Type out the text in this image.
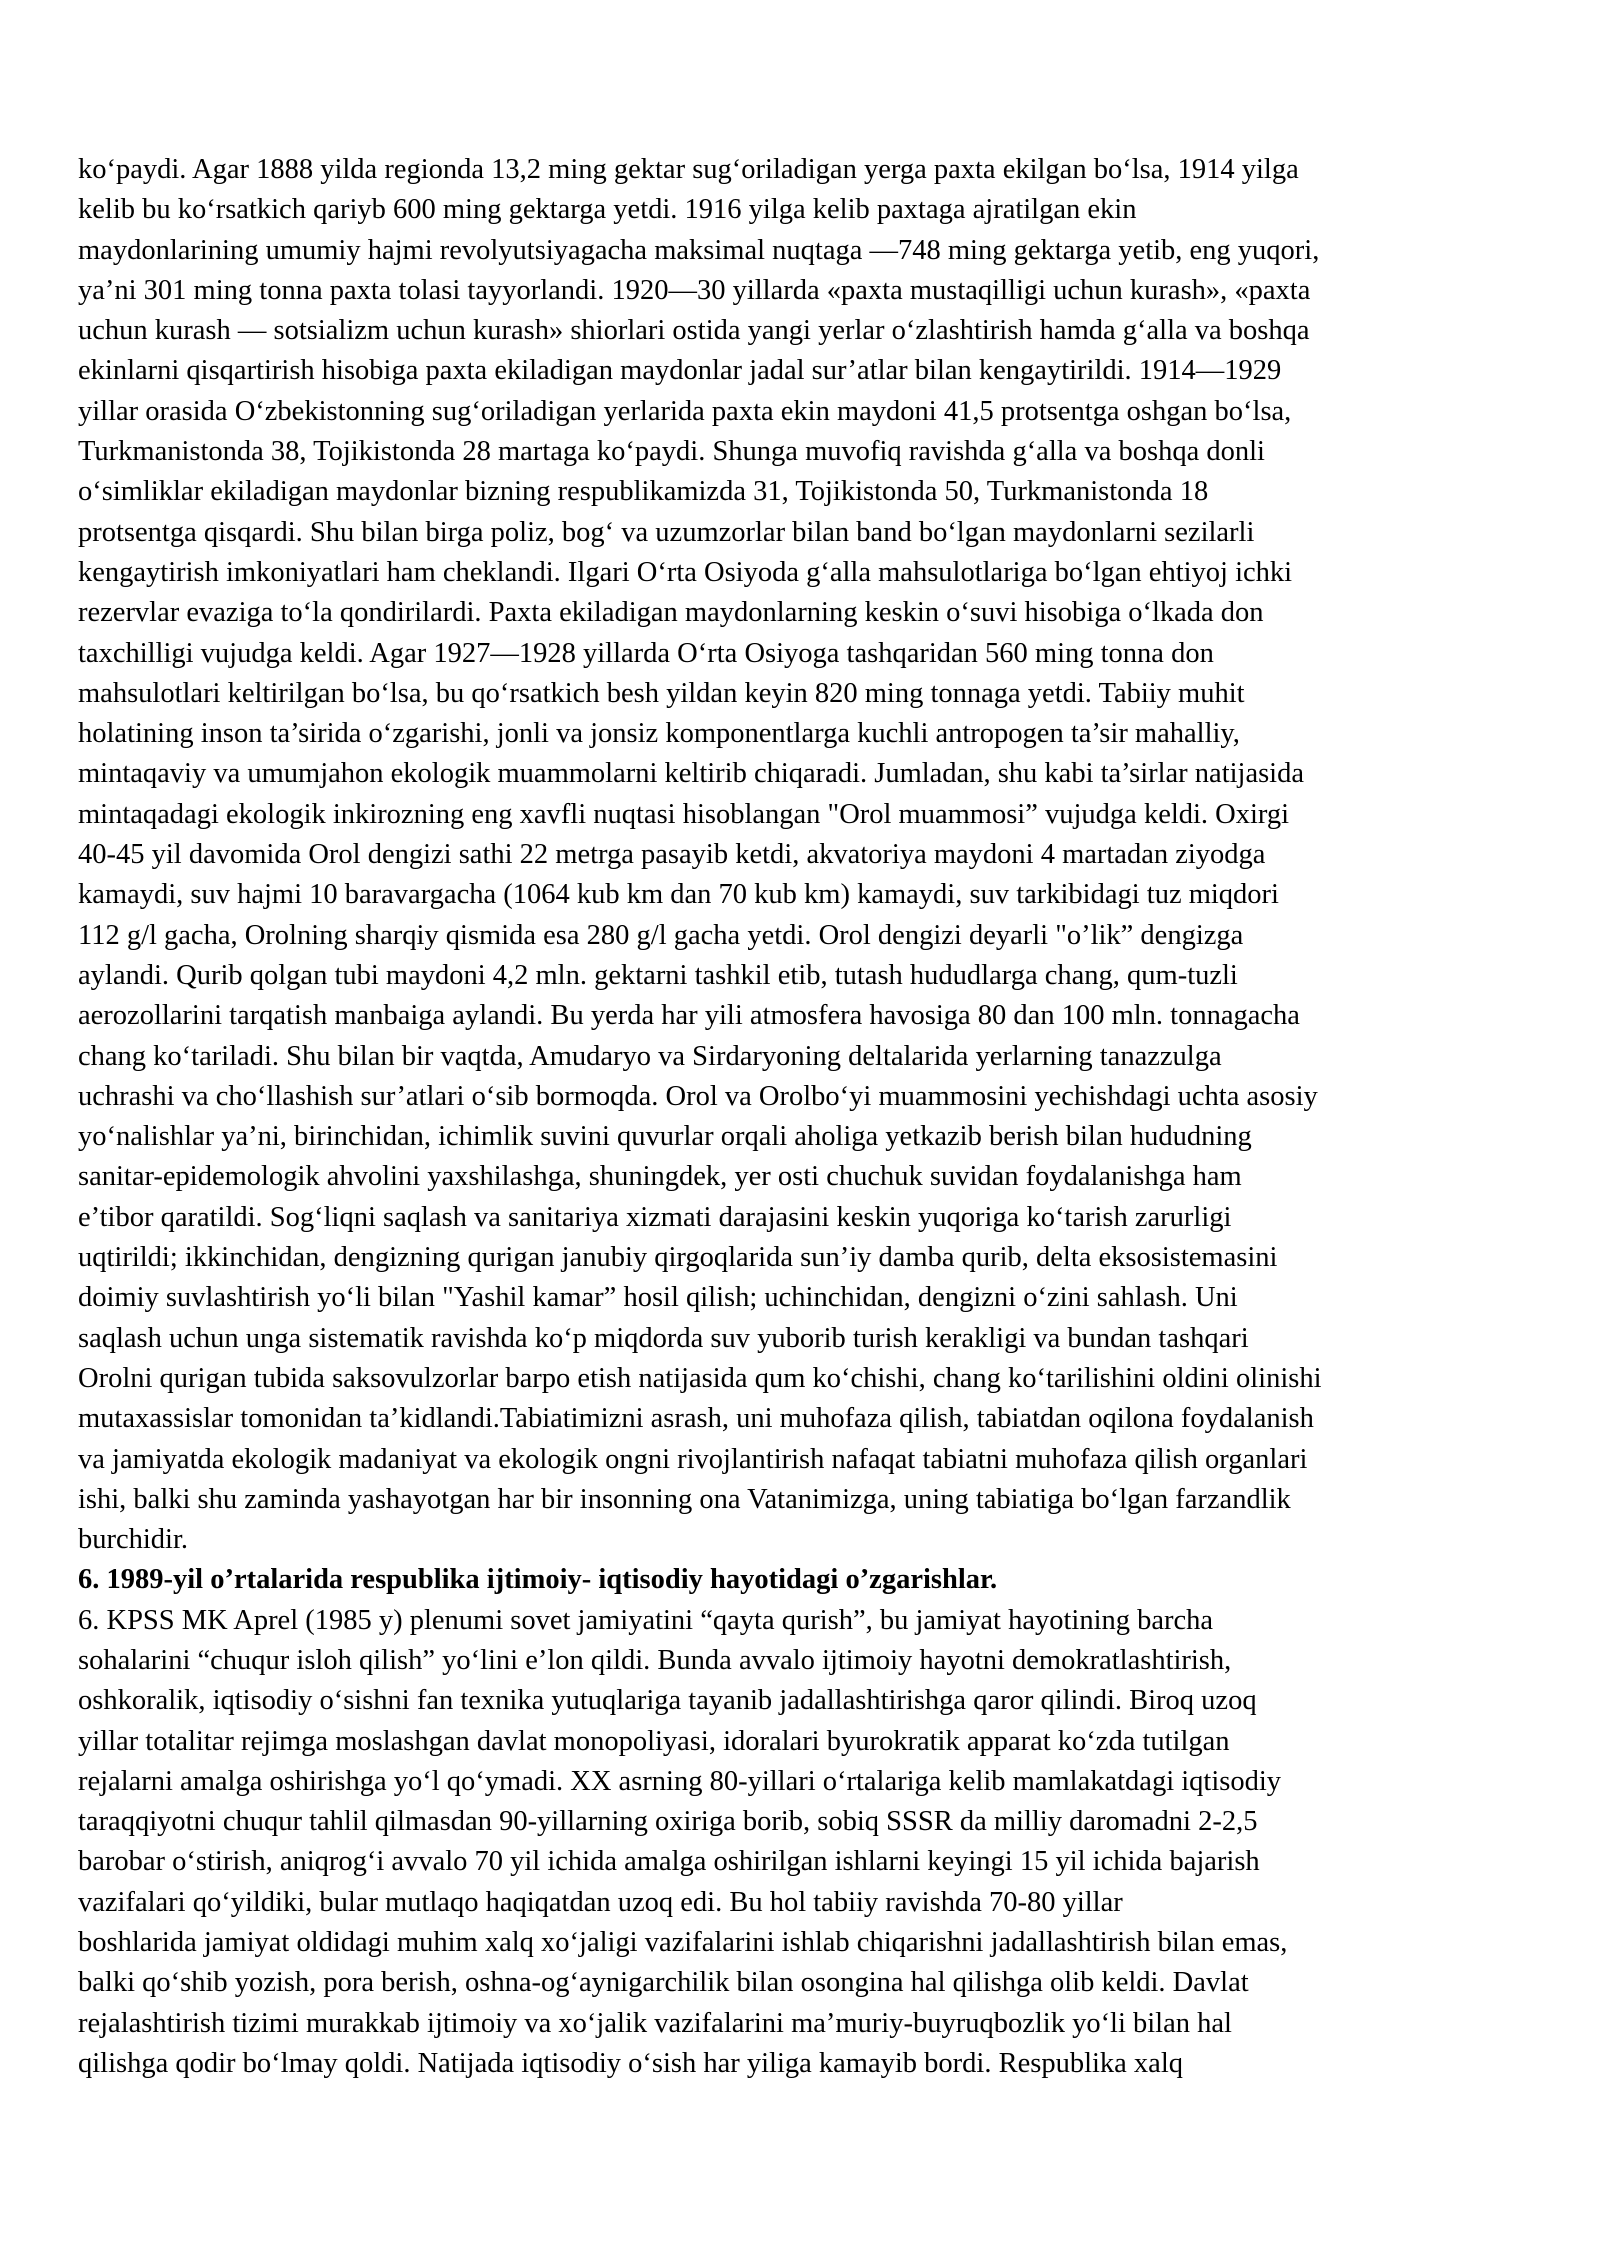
ko‘paydi. Agar 1888 yilda regionda 13,2 ming gektar sug‘oriladigan yerga paxta ekilgan bo‘lsa, 1914 yilga
kelib bu ko‘rsatkich qariyb 600 ming gektarga yetdi. 1916 yilga kelib paxtaga ajratilgan ekin
maydonlarining umumiy hajmi revolyutsiyagacha maksimal nuqtaga —748 ming gektarga yetib, eng yuqori,
ya’ni 301 ming tonna paxta tolasi tayyorlandi. 1920—30 yillarda «paxta mustaqilligi uchun kurash», «paxta
uchun kurash — sotsializm uchun kurash» shiorlari ostida yangi yerlar o‘zlashtirish hamda g‘alla va boshqa
ekinlarni qisqartirish hisobiga paxta ekiladigan maydonlar jadal sur’atlar bilan kengaytirildi. 1914—1929
yillar orasida O‘zbekistonning sug‘oriladigan yerlarida paxta ekin maydoni 41,5 protsentga oshgan bo‘lsa,
Turkmanistonda 38, Tojikistonda 28 martaga ko‘paydi. Shunga muvofiq ravishda g‘alla va boshqa donli
o‘simliklar ekiladigan maydonlar bizning respublikamizda 31, Tojikistonda 50, Turkmanistonda 18
protsentga qisqardi. Shu bilan birga poliz, bog‘ va uzumzorlar bilan band bo‘lgan maydonlarni sezilarli
kengaytirish imkoniyatlari ham cheklandi. Ilgari O‘rta Osiyoda g‘alla mahsulotlariga bo‘lgan ehtiyoj ichki
rezervlar evaziga to‘la qondirilardi. Paxta ekiladigan maydonlarning keskin o‘suvi hisobiga o‘lkada don
taxchilligi vujudga keldi. Agar 1927—1928 yillarda O‘rta Osiyoga tashqaridan 560 ming tonna don
mahsulotlari keltirilgan bo‘lsa, bu qo‘rsatkich besh yildan keyin 820 ming tonnaga yetdi. Tabiiy muhit
holatining inson ta’sirida o‘zgarishi, jonli va jonsiz komponentlarga kuchli antropogen ta’sir mahalliy,
mintaqaviy va umumjahon ekologik muammolarni keltirib chiqaradi. Jumladan, shu kabi ta’sirlar natijasida
mintaqadagi ekologik inkirozning eng xavfli nuqtasi hisoblangan "Orol muammosi” vujudga keldi. Oxirgi
40-45 yil davomida Orol dengizi sathi 22 metrga pasayib ketdi, akvatoriya maydoni 4 martadan ziyodga
kamaydi, suv hajmi 10 baravargacha (1064 kub km dan 70 kub km) kamaydi, suv tarkibidagi tuz miqdori
112 g/l gacha, Orolning sharqiy qismida esa 280 g/l gacha yetdi. Orol dengizi deyarli "o’lik” dengizga
aylandi. Qurib qolgan tubi maydoni 4,2 mln. gektarni tashkil etib, tutash hududlarga chang, qum-tuzli
aerozollarini tarqatish manbaiga aylandi. Bu yerda har yili atmosfera havosiga 80 dan 100 mln. tonnagacha
chang ko‘tariladi. Shu bilan bir vaqtda, Amudaryo va Sirdaryoning deltalarida yerlarning tanazzulga
uchrashi va cho‘llashish sur’atlari o‘sib bormoqda. Orol va Orolbo‘yi muammosini yechishdagi uchta asosiy
yo‘nalishlar ya’ni, birinchidan, ichimlik suvini quvurlar orqali aholiga yetkazib berish bilan hududning
sanitar-epidemologik ahvolini yaxshilashga, shuningdek, yer osti chuchuk suvidan foydalanishga ham
e’tibor qaratildi. Sog‘liqni saqlash va sanitariya xizmati darajasini keskin yuqoriga ko‘tarish zarurligi
uqtirildi; ikkinchidan, dengizning qurigan janubiy qirgoqlarida sun’iy damba qurib, delta eksosistemasini
doimiy suvlashtirish yo‘li bilan "Yashil kamar” hosil qilish; uchinchidan, dengizni o‘zini sahlash. Uni
saqlash uchun unga sistematik ravishda ko‘p miqdorda suv yuborib turish kerakligi va bundan tashqari
Orolni qurigan tubida saksovulzorlar barpo etish natijasida qum ko‘chishi, chang ko‘tarilishini oldini olinishi
mutaxassislar tomonidan ta’kidlandi.Tabiatimizni asrash, uni muhofaza qilish, tabiatdan oqilona foydalanish
va jamiyatda ekologik madaniyat va ekologik ongni rivojlantirish nafaqat tabiatni muhofaza qilish organlari
ishi, balki shu zaminda yashayotgan har bir insonning ona Vatanimizga, uning tabiatiga bo‘lgan farzandlik
burchidir.
6. 1989-yil o’rtalarida respublika ijtimoiy- iqtisodiy hayotidagi o’zgarishlar.
6. KPSS MK Aprel (1985 y) plenumi sovet jamiyatini “qayta qurish”, bu jamiyat hayotining barcha
sohalarini “chuqur isloh qilish” yo‘lini e’lon qildi. Bunda avvalo ijtimoiy hayotni demokratlashtirish,
oshkoralik, iqtisodiy o‘sishni fan texnika yutuqlariga tayanib jadallashtirishga qaror qilindi. Biroq uzoq
yillar totalitar rejimga moslashgan davlat monopoliyasi, idoralari byurokratik apparat ko‘zda tutilgan
rejalarni amalga oshirishga yo‘l qo‘ymadi. XX asrning 80-yillari o‘rtalariga kelib mamlakatdagi iqtisodiy
taraqqiyotni chuqur tahlil qilmasdan 90-yillarning oxiriga borib, sobiq SSSR da milliy daromadni 2-2,5
barobar o‘stirish, aniqrog‘i avvalo 70 yil ichida amalga oshirilgan ishlarni keyingi 15 yil ichida bajarish
vazifalari qo‘yildiki, bular mutlaqo haqiqatdan uzoq edi. Bu hol tabiiy ravishda 70-80 yillar
boshlarida jamiyat oldidagi muhim xalq xo‘jaligi vazifalarini ishlab chiqarishni jadallashtirish bilan emas,
balki qo‘shib yozish, pora berish, oshna-og‘aynigarchilik bilan osongina hal qilishga olib keldi. Davlat
rejalashtirish tizimi murakkab ijtimoiy va xo‘jalik vazifalarini ma’muriy-buyruqbozlik yo‘li bilan hal
qilishga qodir bo‘lmay qoldi. Natijada iqtisodiy o‘sish har yiligа kamayib bordi. Respublika xalq
